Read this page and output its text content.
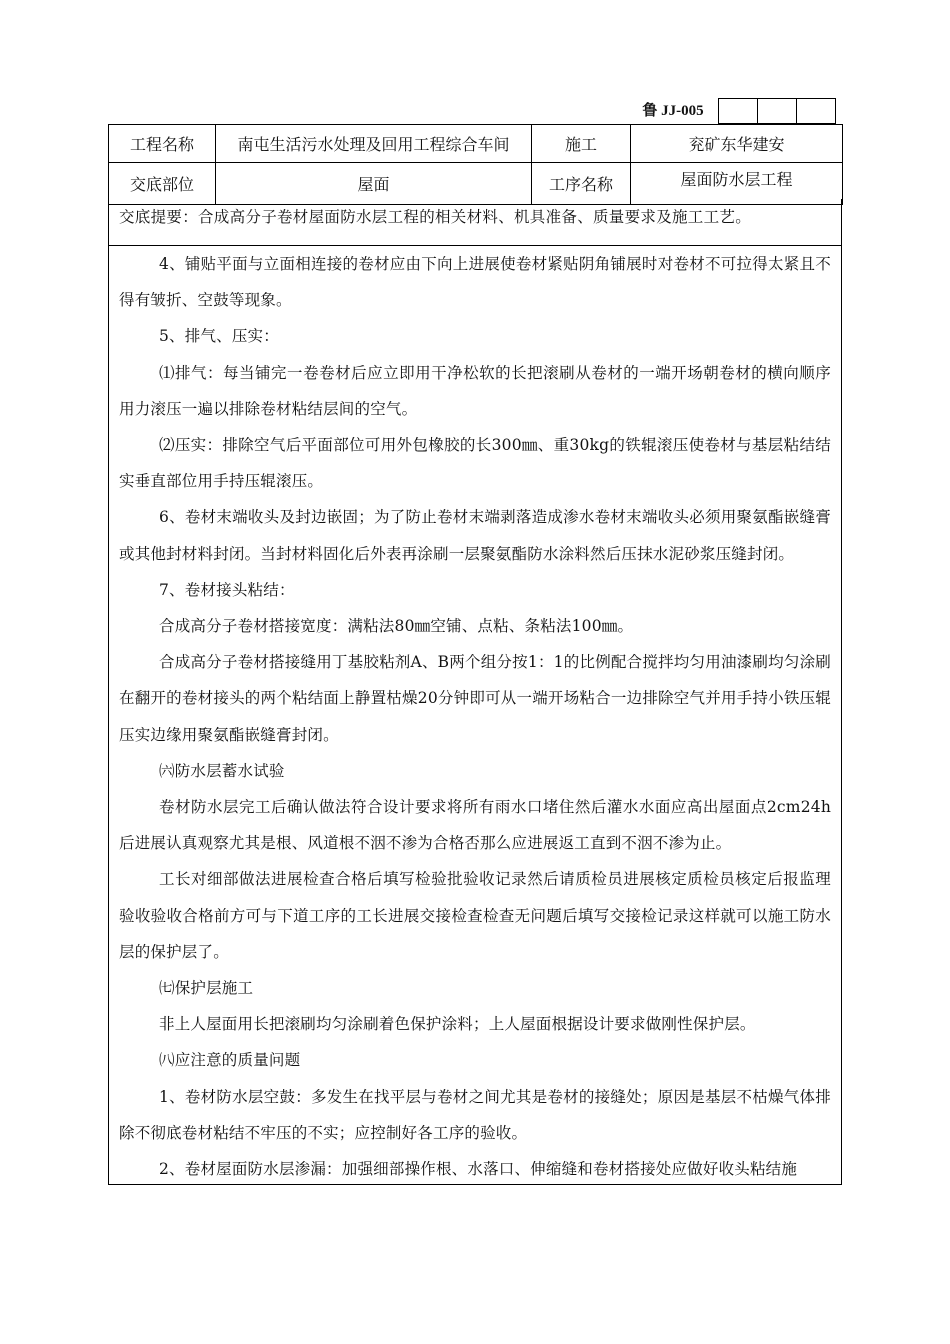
鲁 JJ-005
工程名称	南屯生活污水处理及回用工程综合车间	施工	兖矿东华建安
交底部位	屋面	工序名称	屋面防水层工程
交底提要：合成高分子卷材屋面防水层工程的相关材料、机具准备、质量要求及施工工艺。

4、铺贴平面与立面相连接的卷材应由下向上进展使卷材紧贴阴角铺展时对卷材不可拉得太紧且不得有皱折、空鼓等现象。

5、排气、压实：

⑴排气：每当铺完一卷卷材后应立即用干净松软的长把滚刷从卷材的一端开场朝卷材的横向顺序用力滚压一遍以排除卷材粘结层间的空气。

⑵压实：排除空气后平面部位可用外包橡胶的长300㎜、重30kg的铁辊滚压使卷材与基层粘结结实垂直部位用手持压辊滚压。

6、卷材末端收头及封边嵌固；为了防止卷材末端剥落造成渗水卷材末端收头必须用聚氨酯嵌缝膏或其他封材料封闭。当封材料固化后外表再涂刷一层聚氨酯防水涂料然后压抹水泥砂浆压缝封闭。

7、卷材接头粘结：

合成高分子卷材搭接宽度：满粘法80㎜空铺、点粘、条粘法100㎜。

合成高分子卷材搭接缝用丁基胶粘剂A、B两个组分按1：1的比例配合搅拌均匀用油漆刷均匀涂刷在翻开的卷材接头的两个粘结面上静置枯燥20分钟即可从一端开场粘合一边排除空气并用手持小铁压辊压实边缘用聚氨酯嵌缝膏封闭。

㈥防水层蓄水试验

卷材防水层完工后确认做法符合设计要求将所有雨水口堵住然后灌水水面应高出屋面点2cm24h后进展认真观察尤其是根、风道根不洇不渗为合格否那么应进展返工直到不洇不渗为止。

工长对细部做法进展检查合格后填写检验批验收记录然后请质检员进展核定质检员核定后报监理验收验收合格前方可与下道工序的工长进展交接检查检查无问题后填写交接检记录这样就可以施工防水层的保护层了。

㈦保护层施工

非上人屋面用长把滚刷均匀涂刷着色保护涂料；上人屋面根据设计要求做刚性保护层。

㈧应注意的质量问题

1、卷材防水层空鼓：多发生在找平层与卷材之间尤其是卷材的接缝处；原因是基层不枯燥气体排除不彻底卷材粘结不牢压的不实；应控制好各工序的验收。

2、卷材屋面防水层渗漏：加强细部操作根、水落口、伸缩缝和卷材搭接处应做好收头粘结施
